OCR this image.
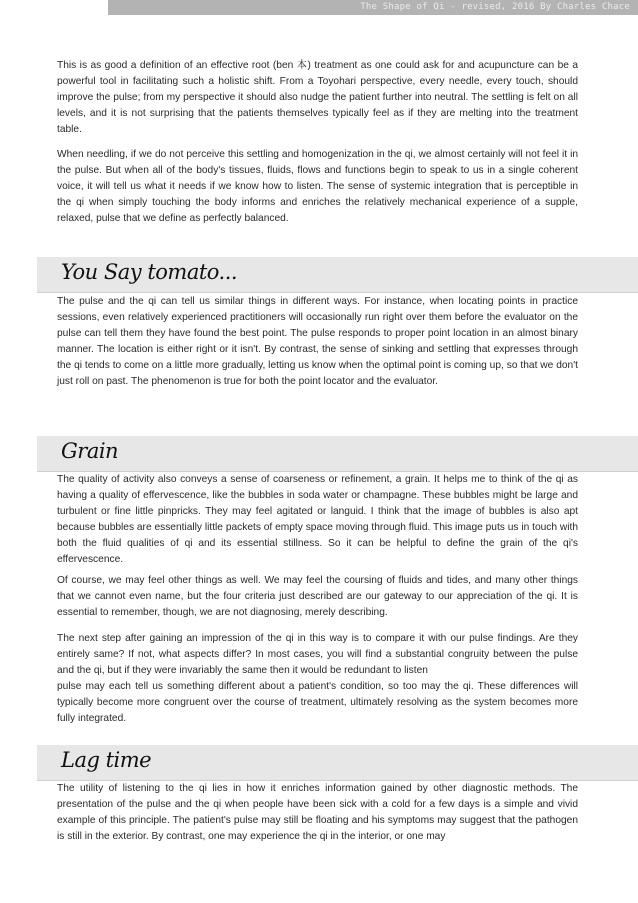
The Shape of Qi - revised, 2016 By Charles Chace

This is as good a definition of an effective root (ben 本) treatment as one could ask for and acupuncture can be a powerful tool in facilitating such a holistic shift. From a Toyohari perspective, every needle, every touch, should improve the pulse; from my perspective it should also nudge the patient further into neutral. The settling is felt on all levels, and it is not surprising that the patients themselves typically feel as if they are melting into the treatment table.

When needling, if we do not perceive this settling and homogenization in the qi, we almost certainly will not feel it in the pulse. But when all of the body's tissues, fluids, flows and functions begin to speak to us in a single coherent voice, it will tell us what it needs if we know how to listen. The sense of systemic integration that is perceptible in the qi when simply touching the body informs and enriches the relatively mechanical experience of a supple, relaxed, pulse that we define as perfectly balanced.

You Say tomato...

The pulse and the qi can tell us similar things in different ways. For instance, when locating points in practice sessions, even relatively experienced practitioners will occasionally run right over them before the evaluator on the pulse can tell them they have found the best point. The pulse responds to proper point location in an almost binary manner. The location is either right or it isn't. By contrast, the sense of sinking and settling that expresses through the qi tends to come on a little more gradually, letting us know when the optimal point is coming up, so that we don't just roll on past. The phenomenon is true for both the point locator and the evaluator.

Grain

The quality of activity also conveys a sense of coarseness or refinement, a grain. It helps me to think of the qi as having a quality of effervescence, like the bubbles in soda water or champagne. These bubbles might be large and turbulent or fine little pinpricks. They may feel agitated or languid. I think that the image of bubbles is also apt because bubbles are essentially little packets of empty space moving through fluid. This image puts us in touch with both the fluid qualities of qi and its essential stillness. So it can be helpful to define the grain of the qi's effervescence.

Of course, we may feel other things as well. We may feel the coursing of fluids and tides, and many other things that we cannot even name, but the four criteria just described are our gateway to our appreciation of the qi. It is essential to remember, though, we are not diagnosing, merely describing.

The next step after gaining an impression of the qi in this way is to compare it with our pulse findings. Are they entirely same? If not, what aspects differ? In most cases, you will find a substantial congruity between the pulse and the qi, but if they were invariably the same then it would be redundant to listen

pulse may each tell us something different about a patient's condition, so too may the qi. These differences will typically become more congruent over the course of treatment, ultimately resolving as the system becomes more fully integrated.

Lag time

The utility of listening to the qi lies in how it enriches information gained by other diagnostic methods. The presentation of the pulse and the qi when people have been sick with a cold for a few days is a simple and vivid example of this principle. The patient's pulse may still be floating and his symptoms may suggest that the pathogen is still in the exterior. By contrast, one may experience the qi in the interior, or one may
